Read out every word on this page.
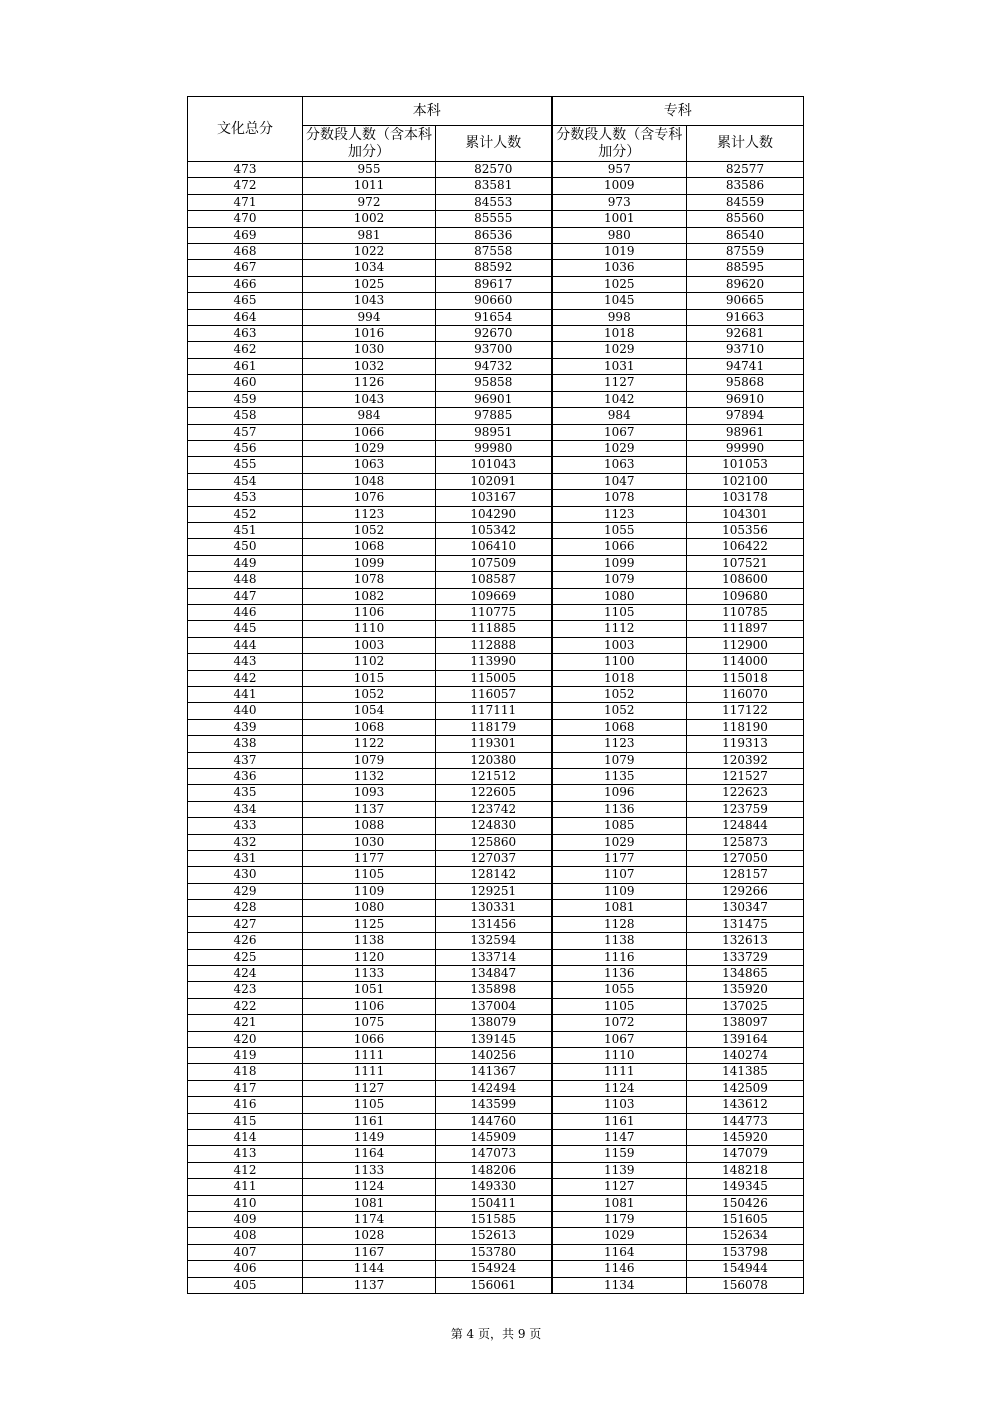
文化总分	本科		专科	
	分数段人数（含本科加分）	累计人数	分数段人数（含专科加分）	累计人数
473	955	82570	957	82577
472	1011	83581	1009	83586
471	972	84553	973	84559
470	1002	85555	1001	85560
469	981	86536	980	86540
468	1022	87558	1019	87559
467	1034	88592	1036	88595
466	1025	89617	1025	89620
465	1043	90660	1045	90665
464	994	91654	998	91663
463	1016	92670	1018	92681
462	1030	93700	1029	93710
461	1032	94732	1031	94741
460	1126	95858	1127	95868
459	1043	96901	1042	96910
458	984	97885	984	97894
457	1066	98951	1067	98961
456	1029	99980	1029	99990
455	1063	101043	1063	101053
454	1048	102091	1047	102100
453	1076	103167	1078	103178
452	1123	104290	1123	104301
451	1052	105342	1055	105356
450	1068	106410	1066	106422
449	1099	107509	1099	107521
448	1078	108587	1079	108600
447	1082	109669	1080	109680
446	1106	110775	1105	110785
445	1110	111885	1112	111897
444	1003	112888	1003	112900
443	1102	113990	1100	114000
442	1015	115005	1018	115018
441	1052	116057	1052	116070
440	1054	117111	1052	117122
439	1068	118179	1068	118190
438	1122	119301	1123	119313
437	1079	120380	1079	120392
436	1132	121512	1135	121527
435	1093	122605	1096	122623
434	1137	123742	1136	123759
433	1088	124830	1085	124844
432	1030	125860	1029	125873
431	1177	127037	1177	127050
430	1105	128142	1107	128157
429	1109	129251	1109	129266
428	1080	130331	1081	130347
427	1125	131456	1128	131475
426	1138	132594	1138	132613
425	1120	133714	1116	133729
424	1133	134847	1136	134865
423	1051	135898	1055	135920
422	1106	137004	1105	137025
421	1075	138079	1072	138097
420	1066	139145	1067	139164
419	1111	140256	1110	140274
418	1111	141367	1111	141385
417	1127	142494	1124	142509
416	1105	143599	1103	143612
415	1161	144760	1161	144773
414	1149	145909	1147	145920
413	1164	147073	1159	147079
412	1133	148206	1139	148218
411	1124	149330	1127	149345
410	1081	150411	1081	150426
409	1174	151585	1179	151605
408	1028	152613	1029	152634
407	1167	153780	1164	153798
406	1144	154924	1146	154944
405	1137	156061	1134	156078
第 4 页，共 9 页
